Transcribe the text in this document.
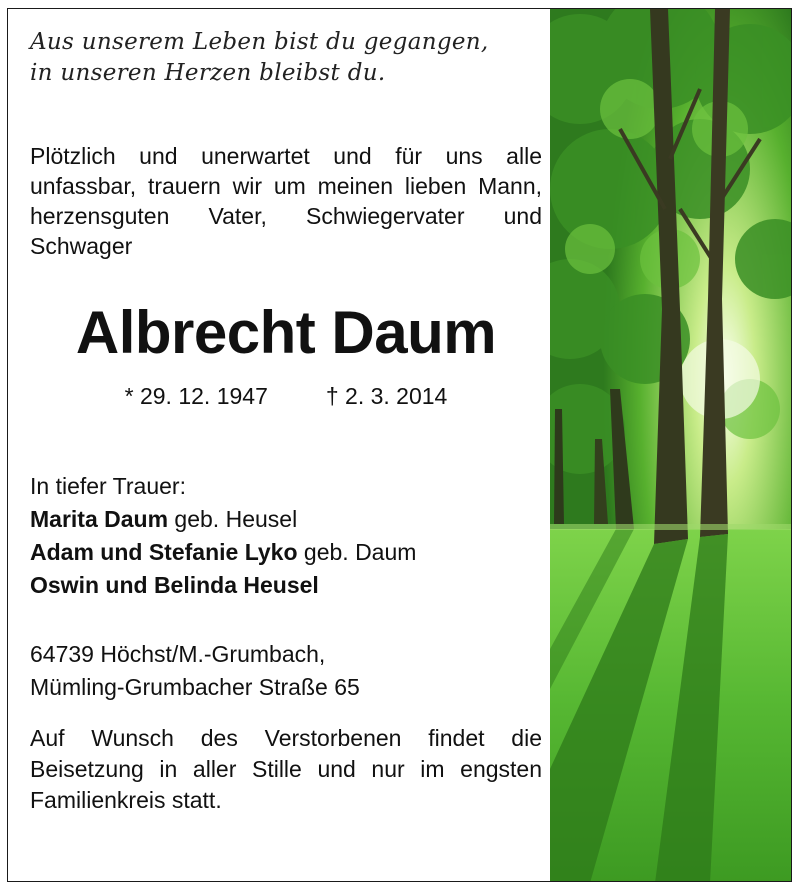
Aus unserem Leben bist du gegangen,
in unseren Herzen bleibst du.

Plötzlich und unerwartet und für uns alle unfassbar, trauern wir um meinen lieben Mann, herzensguten Vater, Schwiegervater und Schwager

Albrecht Daum
* 29. 12. 1947	† 2. 3. 2014
In tiefer Trauer:
Marita Daum geb. Heusel
Adam und Stefanie Lyko geb. Daum
Oswin und Belinda Heusel
64739 Höchst/M.-Grumbach,
Mümling-Grumbacher Straße 65

Auf Wunsch des Verstorbenen findet die Beisetzung in aller Stille und nur im engsten Familienkreis statt.
